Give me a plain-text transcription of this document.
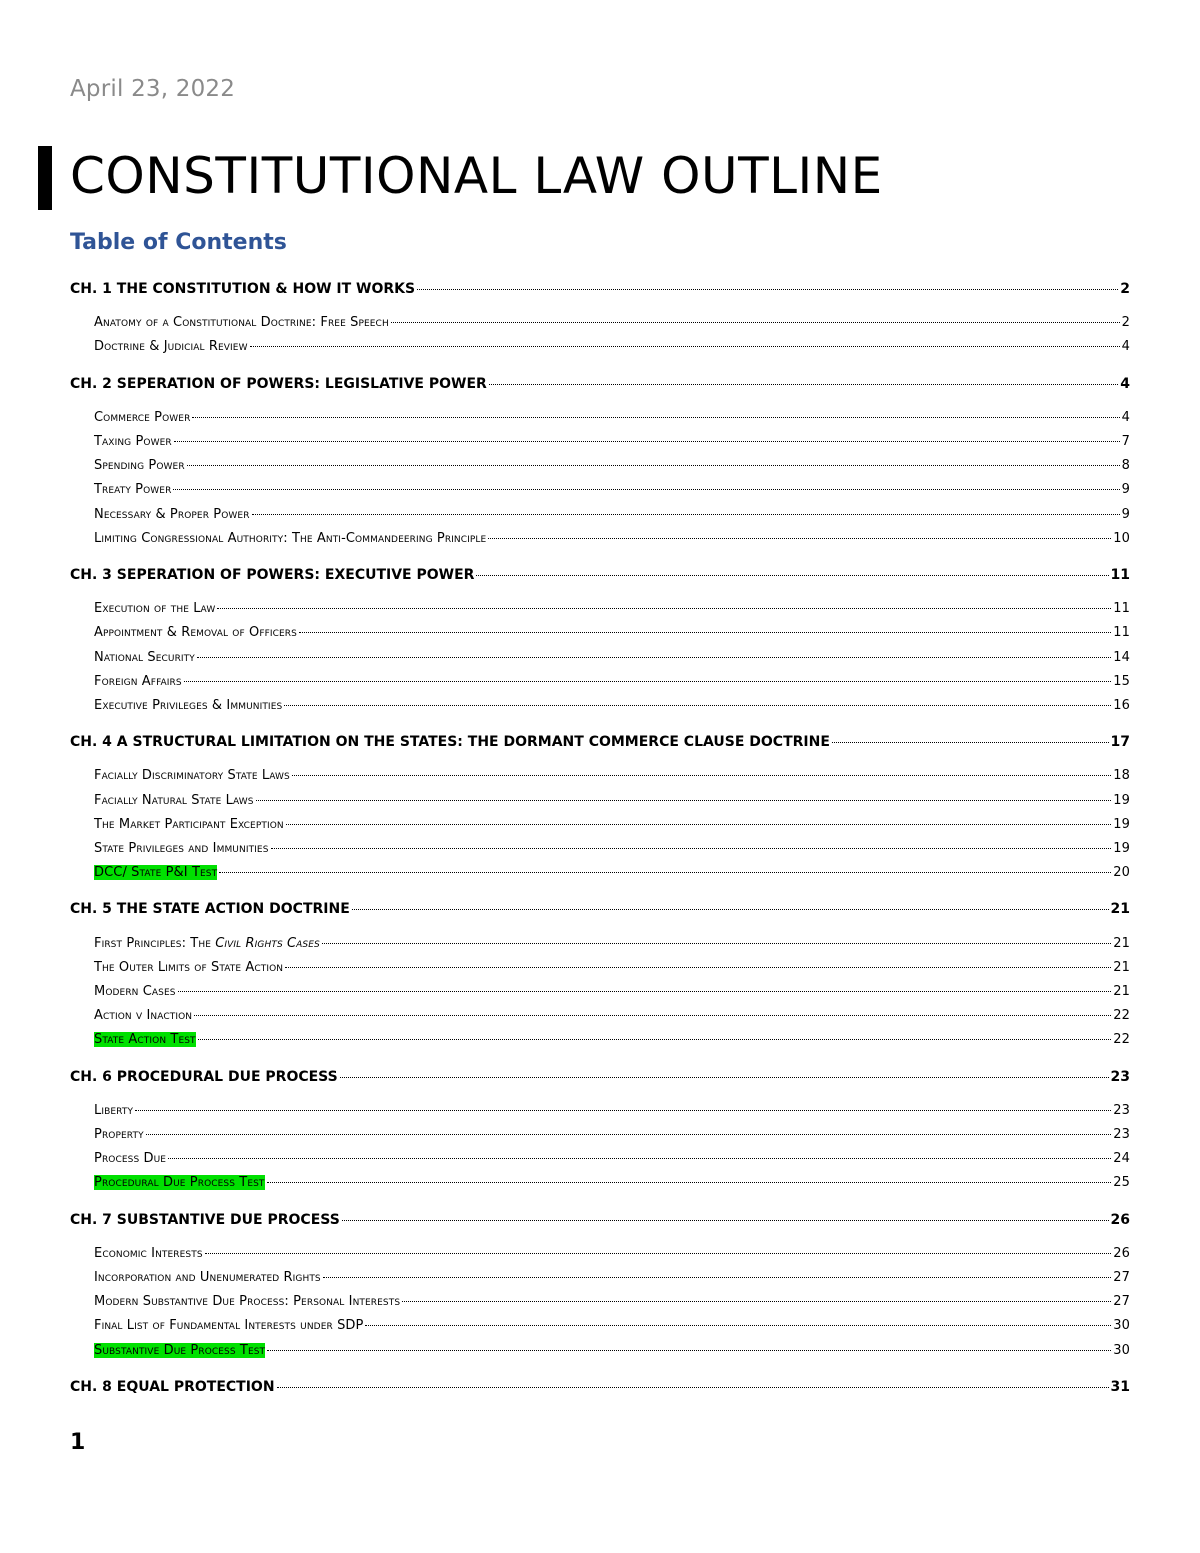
April 23, 2022
CONSTITUTIONAL LAW OUTLINE
Table of Contents
CH. 1 THE CONSTITUTION & HOW IT WORKS	2
Anatomy of a Constitutional Doctrine: Free Speech	2
Doctrine & Judicial Review	4
CH. 2 SEPERATION OF POWERS: LEGISLATIVE POWER	4
Commerce Power	4
Taxing Power	7
Spending Power	8
Treaty Power	9
Necessary & Proper Power	9
Limiting Congressional Authority: The Anti-Commandeering Principle	10
CH. 3 SEPERATION OF POWERS: EXECUTIVE POWER	11
Execution of the Law	11
Appointment & Removal of Officers	11
National Security	14
Foreign Affairs	15
Executive Privileges & Immunities	16
CH. 4 A STRUCTURAL LIMITATION ON THE STATES: THE DORMANT COMMERCE CLAUSE DOCTRINE	17
Facially Discriminatory State Laws	18
Facially Natural State Laws	19
The Market Participant Exception	19
State Privileges and Immunities	19
DCC/ State P&I Test	20
CH. 5 THE STATE ACTION DOCTRINE	21
First Principles: The Civil Rights Cases	21
The Outer Limits of State Action	21
Modern Cases	21
Action v Inaction	22
State Action Test	22
CH. 6 PROCEDURAL DUE PROCESS	23
Liberty	23
Property	23
Process Due	24
Procedural Due Process Test	25
CH. 7 SUBSTANTIVE DUE PROCESS	26
Economic Interests	26
Incorporation and Unenumerated Rights	27
Modern Substantive Due Process: Personal Interests	27
Final List of Fundamental Interests under SDP	30
Substantive Due Process Test	30
CH. 8 EQUAL PROTECTION	31
1
